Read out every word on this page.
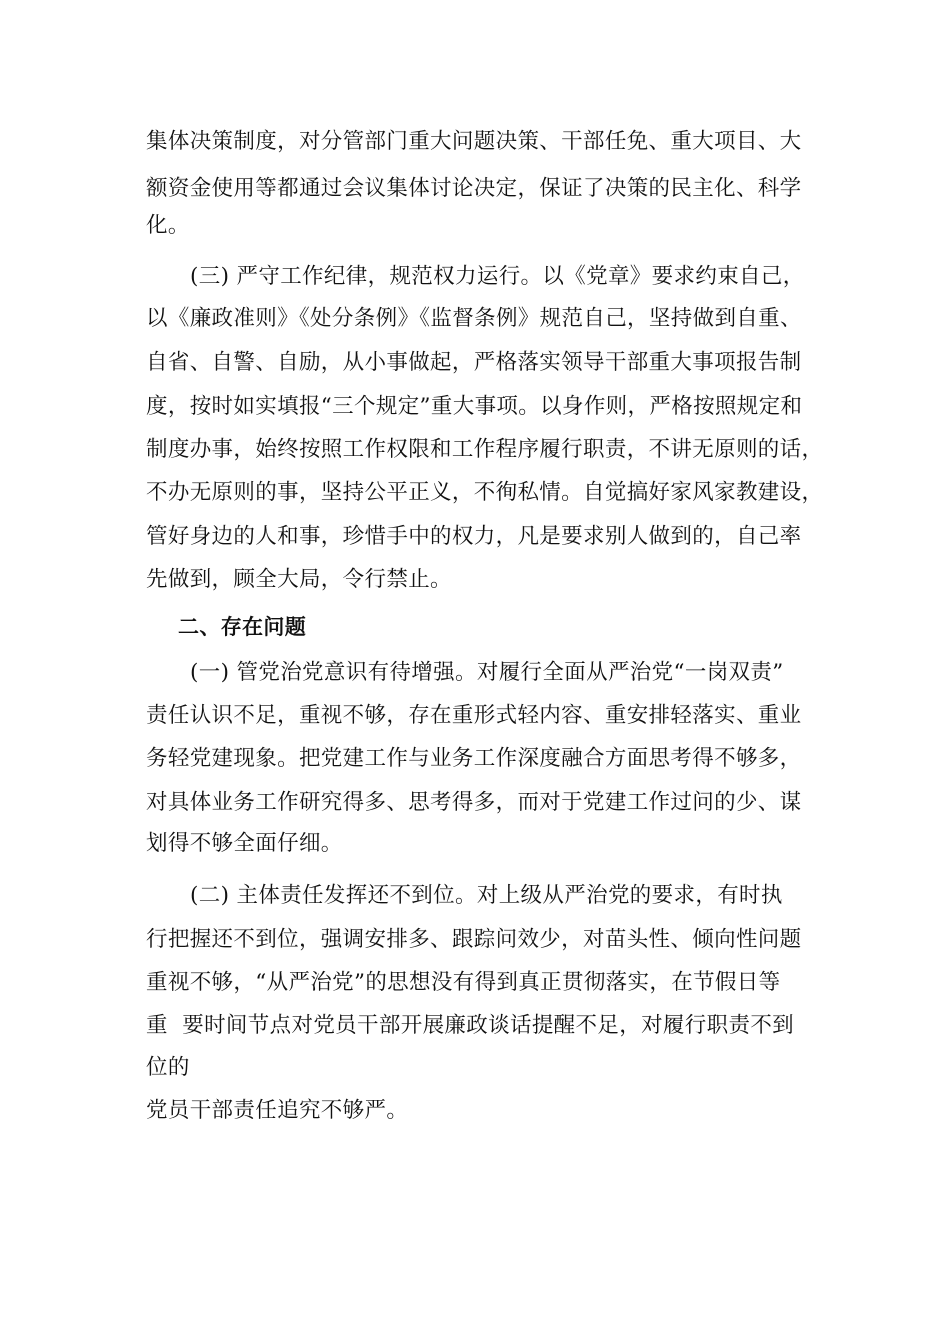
集体决策制度，对分管部门重大问题决策、干部任免、重大项目、大
额资金使用等都通过会议集体讨论决定，保证了决策的民主化、科学
化。
(三) 严守工作纪律，规范权力运行。以《党章》要求约束自己，
以《廉政准则》《处分条例》《监督条例》规范自己，坚持做到自重、
自省、自警、自励，从小事做起，严格落实领导干部重大事项报告制
度，按时如实填报“三个规定”重大事项。以身作则，严格按照规定和
制度办事，始终按照工作权限和工作程序履行职责，不讲无原则的话，
不办无原则的事，坚持公平正义，不徇私情。自觉搞好家风家教建设，
管好身边的人和事，珍惜手中的权力，凡是要求别人做到的，自己率
先做到，顾全大局，令行禁止。
二、存在问题
(一) 管党治党意识有待增强。对履行全面从严治党“一岗双责”
责任认识不足，重视不够，存在重形式轻内容、重安排轻落实、重业
务轻党建现象。把党建工作与业务工作深度融合方面思考得不够多，
对具体业务工作研究得多、思考得多，而对于党建工作过问的少、谋
划得不够全面仔细。
(二) 主体责任发挥还不到位。对上级从严治党的要求，有时执
行把握还不到位，强调安排多、跟踪问效少，对苗头性、倾向性问题
重视不够，“从严治党”的思想没有得到真正贯彻落实，在节假日等
重  要时间节点对党员干部开展廉政谈话提醒不足，对履行职责不到
位的
党员干部责任追究不够严。
